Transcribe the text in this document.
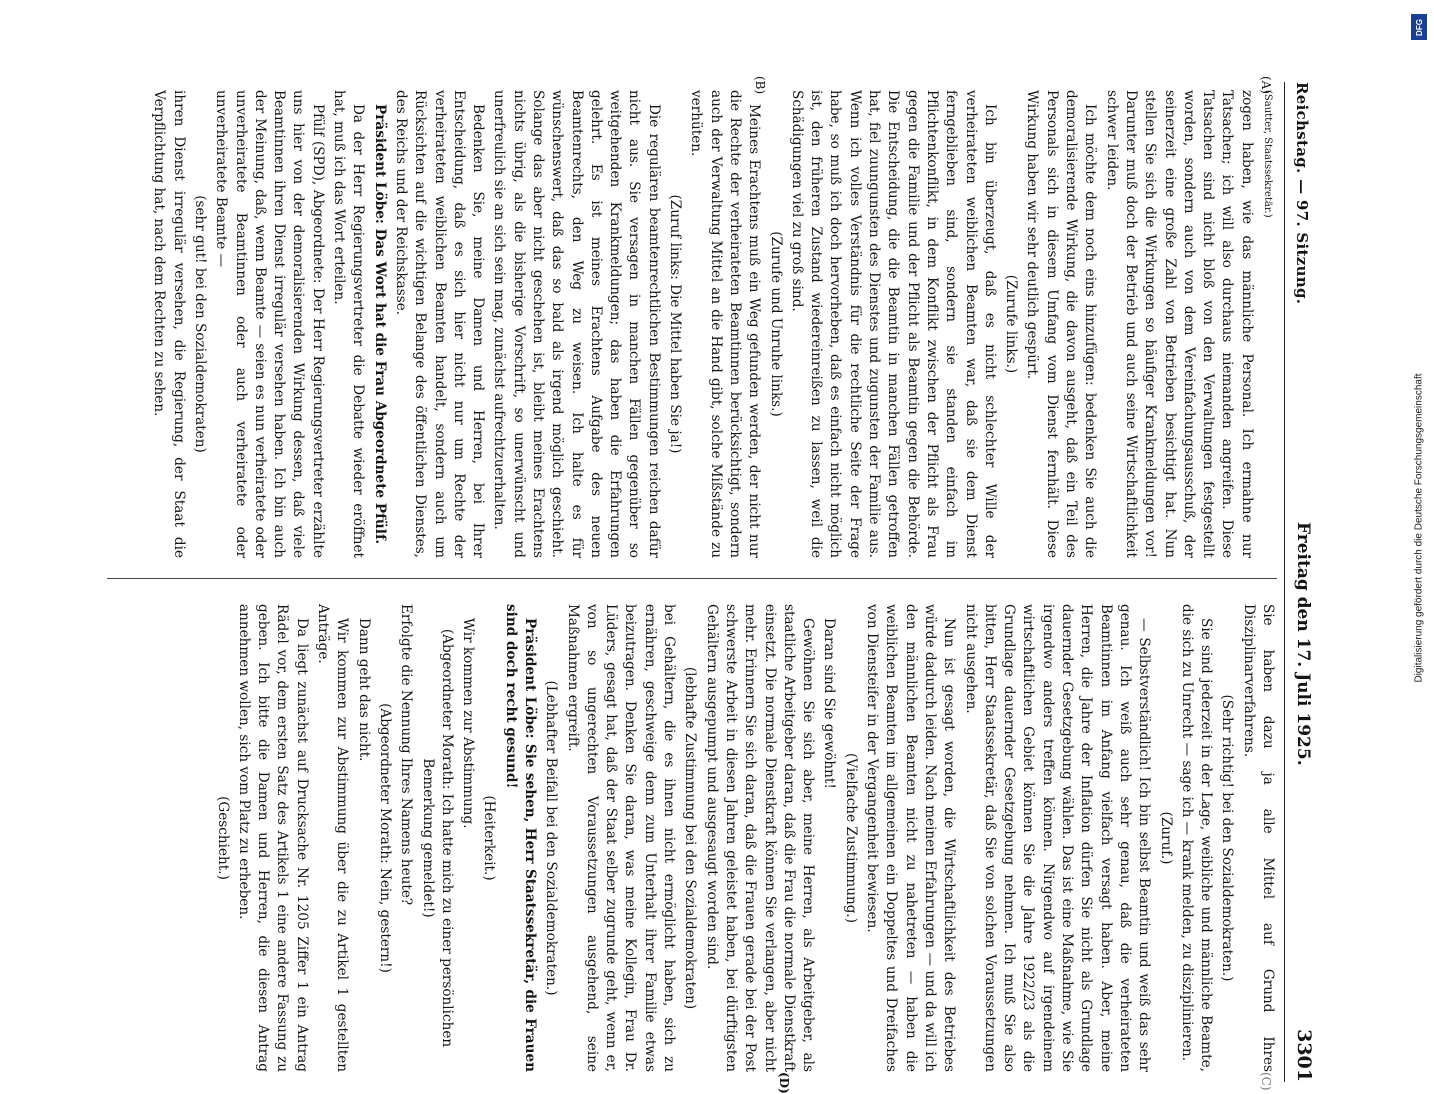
Reichstag. — 97. Sitzung.
Freitag den 17. Juli 1925.
3301
(A)
(B)
(C)
(D)

(Sautter, Staatssekretär.)

zogen haben, wie das männliche Personal. Ich ermahne nur Tatsachen; ich will also durchaus niemanden angreifen. Diese Tatsachen sind nicht bloß von den Verwaltungen festgestellt worden, sondern auch von dem Vereinfachungsausschuß, der seinerzeit eine große Zahl von Betrieben besichtigt hat. Nun stellen Sie sich die Wirkungen so häufiger Krankmeldungen vor! Darunter muß doch der Betrieb und auch seine Wirtschaftlichkeit schwer leiden.

Ich möchte dem noch eins hinzufügen: bedenken Sie auch die demoralisierende Wirkung, die davon ausgeht, daß ein Teil des Personals sich in diesem Umfang vom Dienst fernhält. Diese Wirkung haben wir sehr deutlich gespürt.

(Zurufe links.)

Ich bin überzeugt, daß es nicht schlechter Wille der verheirateten weiblichen Beamten war, daß sie dem Dienst ferngeblieben sind, sondern sie standen einfach im Pflichtenkonflikt, in dem Konflikt zwischen der Pflicht als Frau gegen die Familie und der Pflicht als Beamtin gegen die Behörde. Die Entscheidung, die die Beamtin in manchen Fällen getroffen hat, fiel zuungunsten des Dienstes und zugunsten der Familie aus. Wenn ich volles Verständnis für die rechtliche Seite der Frage habe, so muß ich doch hervorheben, daß es einfach nicht möglich ist, den früheren Zustand wiedereinreißen zu lassen, weil die Schädigungen viel zu groß sind.

(Zurufe und Unruhe links.)

Meines Erachtens muß ein Weg gefunden werden, der nicht nur die Rechte der verheirateten Beamtinnen berücksichtigt, sondern auch der Verwaltung Mittel an die Hand gibt, solche Mißstände zu verhüten.

(Zuruf links: Die Mittel haben Sie ja!)

Die regulären beamtenrechtlichen Bestimmungen reichen dafür nicht aus. Sie versagen in manchen Fällen gegenüber so weitgehenden Krankmeldungen; das haben die Erfahrungen gelehrt. Es ist meines Erachtens Aufgabe des neuen Beamtenrechts, den Weg zu weisen. Ich halte es für wünschenswert, daß das so bald als irgend möglich geschieht. Solange das aber nicht geschehen ist, bleibt meines Erachtens nichts übrig, als die bisherige Vorschrift, so unerwünscht und unerfreulich sie an sich sein mag, zunächst aufrechtzuerhalten.

Bedenken Sie, meine Damen und Herren, bei Ihrer Entscheidung, daß es sich hier nicht nur um Rechte der verheirateten weiblichen Beamten handelt, sondern auch um Rücksichten auf die wichtigen Belange des öffentlichen Dienstes, des Reichs und der Reichskasse.

Präsident Löbe: Das Wort hat die Frau Abgeordnete Pfülf.

Da der Herr Regierungsvertreter die Debatte wieder eröffnet hat, muß ich das Wort erteilen.

Pfülf (SPD), Abgeordnete: Der Herr Regierungsvertreter erzählte uns hier von der demoralisierenden Wirkung dessen, daß viele Beamtinnen ihren Dienst irregulär versehen haben. Ich bin auch der Meinung, daß, wenn Beamte — seien es nun verheiratete oder unverheiratete Beamtinnen oder auch verheiratete oder unverheiratete Beamte —

(sehr gut! bei den Sozialdemokraten)

ihren Dienst irregulär versehen, die Regierung, der Staat die Verpflichtung hat, nach dem Rechten zu sehen.

Sie haben dazu ja alle Mittel auf Grund Ihres Disziplinarverfahrens.

(Sehr richtig! bei den Sozialdemokraten.)

Sie sind jederzeit in der Lage, weibliche und männliche Beamte, die sich zu Unrecht — sage ich — krank melden, zu disziplinieren.

(Zuruf.)

— Selbstverständlich! Ich bin selbst Beamtin und weiß das sehr genau. Ich weiß auch sehr genau, daß die verheirateten Beamtinnen im Anfang vielfach versagt haben. Aber, meine Herren, die Jahre der Inflation dürfen Sie nicht als Grundlage dauernder Gesetzgebung wählen. Das ist eine Maßnahme, wie Sie irgendwo anders treffen können. Nirgendwo auf irgendeinem wirtschaftlichen Gebiet können Sie die Jahre 1922/23 als die Grundlage dauernder Gesetzgebung nehmen. Ich muß Sie also bitten, Herr Staatssekretär, daß Sie von solchen Voraussetzungen nicht ausgehen.

Nun ist gesagt worden, die Wirtschaftlichkeit des Betriebes würde dadurch leiden. Nach meinen Erfahrungen — und da will ich den männlichen Beamten nicht zu nahetreten — haben die weiblichen Beamten im allgemeinen ein Doppeltes und Dreifaches von Diensteifer in der Vergangenheit bewiesen.

(Vielfache Zustimmung.)

Daran sind Sie gewöhnt!

Gewöhnen Sie sich aber, meine Herren, als Arbeitgeber, als staatliche Arbeitgeber daran, daß die Frau die normale Dienstkraft einsetzt. Die normale Dienstkraft können Sie verlangen, aber nicht mehr. Erinnern Sie sich daran, daß die Frauen gerade bei der Post schwerste Arbeit in diesen Jahren geleistet haben, bei dürftigsten Gehältern ausgepumpt und ausgesaugt worden sind.

(lebhafte Zustimmung bei den Sozialdemokraten)

bei Gehältern, die es ihnen nicht ermöglicht haben, sich zu ernähren, geschweige denn zum Unterhalt ihrer Familie etwas beizutragen. Denken Sie daran, was meine Kollegin, Frau Dr. Lüders, gesagt hat, daß der Staat selber zugrunde geht, wenn er, von so ungerechten Voraussetzungen ausgehend, seine Maßnahmen ergreift.

(Lebhafter Beifall bei den Sozialdemokraten.)

Präsident Löbe: Sie sehen, Herr Staatssekretär, die Frauen sind doch recht gesund!

(Heiterkeit.)

Wir kommen zur Abstimmung.

(Abgeordneter Morath: Ich hatte mich zu einer persönlichen Bemerkung gemeldet!)

Erfolgte die Nennung Ihres Namens heute?

(Abgeordneter Morath: Nein, gestern!)

Dann geht das nicht.

Wir kommen zur Abstimmung über die zu Artikel 1 gestellten Anträge.

Da liegt zunächst auf Drucksache Nr. 1205 Ziffer 1 ein Antrag Rädel vor, dem ersten Satz des Artikels 1 eine andere Fassung zu geben. Ich bitte die Damen und Herren, die diesen Antrag annehmen wollen, sich vom Platz zu erheben.

(Geschieht.)

DFG
Digitalisierung gefördert durch die Deutsche Forschungsgemeinschaft
